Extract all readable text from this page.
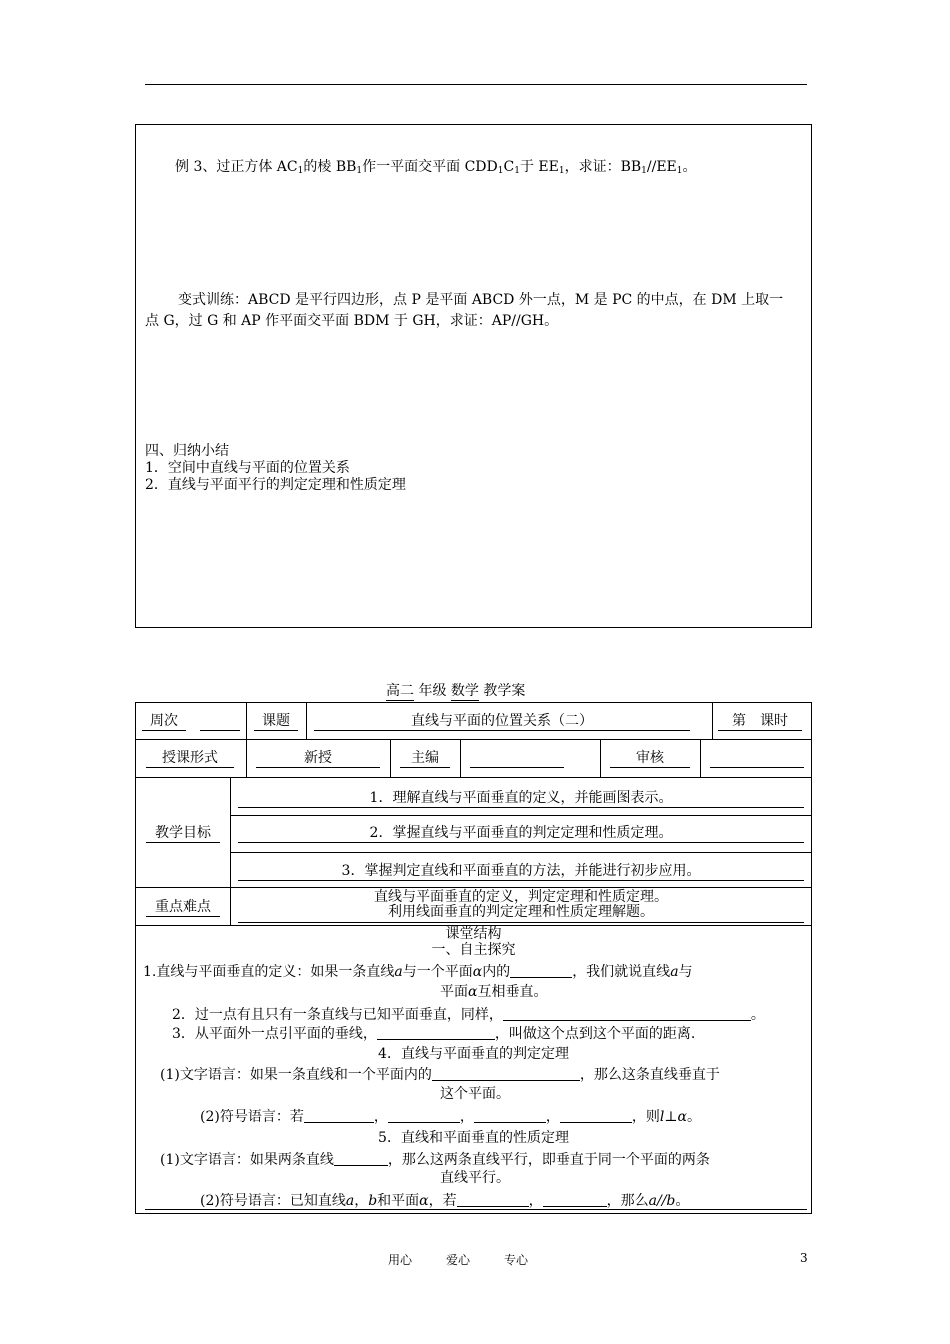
例 3、过正方体 $AC_1$的棱 $BB_1$作一平面交平面 $CDD_1C_1$于 $EE_1$，求证：$BB_1//EE_1$。
变式训练：ABCD 是平行四边形，点 P 是平面 ABCD 外一点，M 是 PC 的中点，在 DM 上取一
点 G，过 G 和 AP 作平面交平面 BDM 于 GH，求证：AP//GH。
四、归纳小结
1．空间中直线与平面的位置关系
2．直线与平面平行的判定定理和性质定理
高二 年级 数学 教学案
周次	课题	直线与平面的位置关系（二）	第　课时
授课形式	新授	主编	审核
教学目标
1．理解直线与平面垂直的定义，并能画图表示。
2．掌握直线与平面垂直的判定定理和性质定理。
3．掌握判定直线和平面垂直的方法，并能进行初步应用。
重点难点
直线与平面垂直的定义，判定定理和性质定理。
利用线面垂直的判定定理和性质定理解题。
课堂结构
一、自主探究
1.直线与平面垂直的定义：如果一条直线a与一个平面α内的	，我们就说直线a与
平面α互相垂直。
2．过一点有且只有一条直线与已知平面垂直，同样，	。
3．从平面外一点引平面的垂线，	，叫做这个点到这个平面的距离.
4．直线与平面垂直的判定定理
(1)文字语言：如果一条直线和一个平面内的	，那么这条直线垂直于
这个平面。
(2)符号语言：若	，	，	，	，则l⊥α。
5．直线和平面垂直的性质定理
(1)文字语言：如果两条直线	，那么这两条直线平行，即垂直于同一个平面的两条
直线平行。
(2)符号语言：已知直线a，b和平面α，若	，	，那么a//b。
用心	爱心	专心	3
